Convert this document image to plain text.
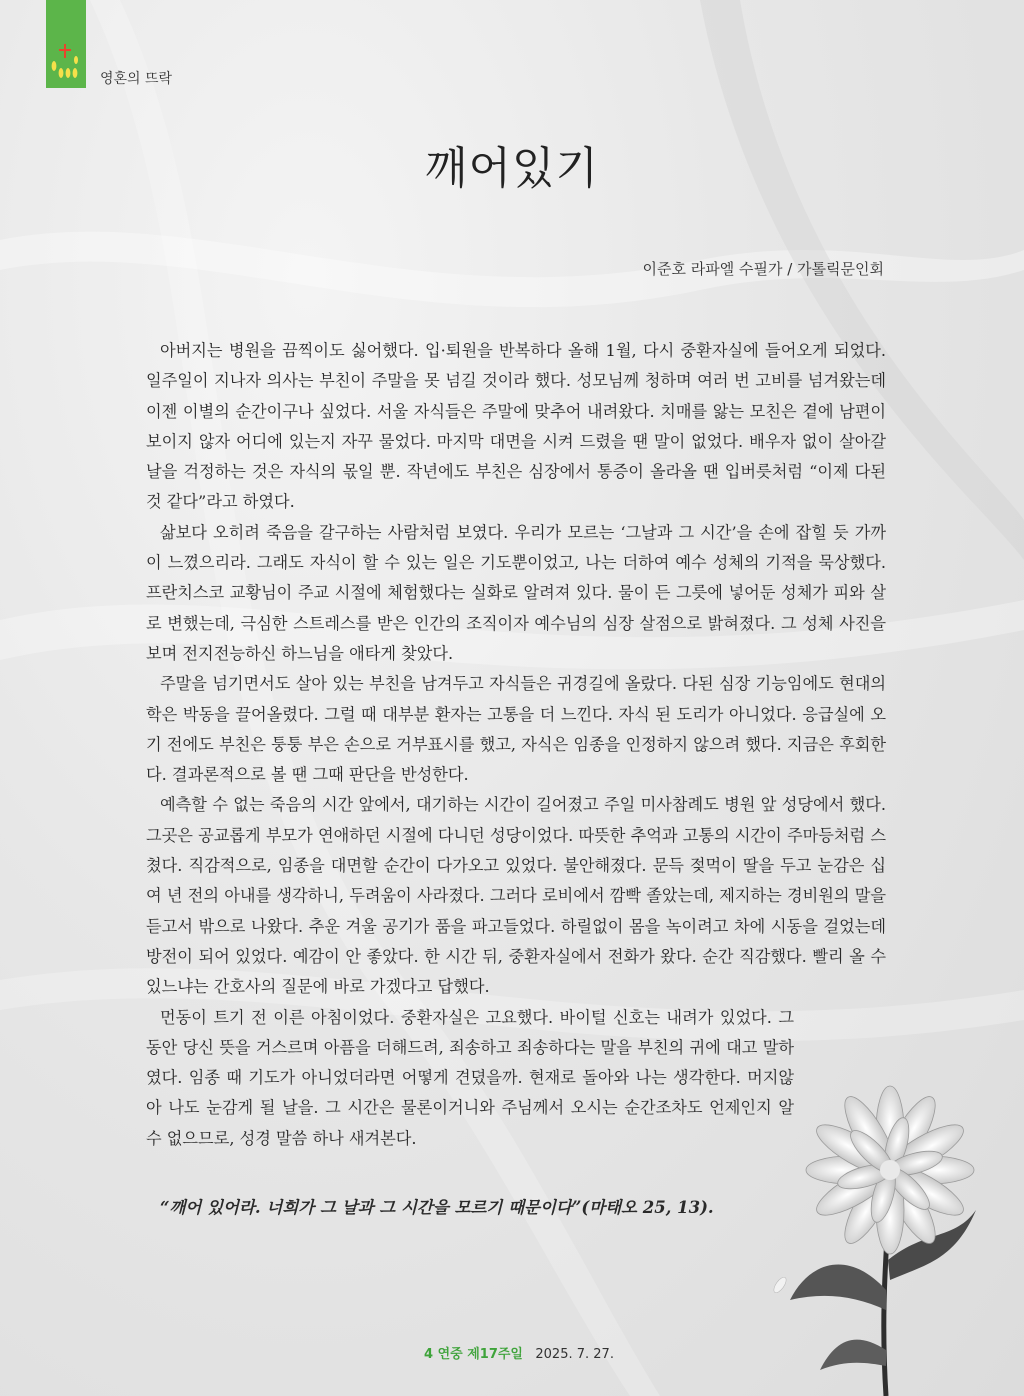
영혼의 뜨락
깨어있기
이준호 라파엘 수필가 / 가톨릭문인회

아버지는 병원을 끔찍이도 싫어했다. 입·퇴원을 반복하다 올해 1월, 다시 중환자실에 들어오게 되었다. 일주일이 지나자 의사는 부친이 주말을 못 넘길 것이라 했다. 성모님께 청하며 여러 번 고비를 넘겨왔는데 이젠 이별의 순간이구나 싶었다. 서울 자식들은 주말에 맞추어 내려왔다. 치매를 앓는 모친은 곁에 남편이 보이지 않자 어디에 있는지 자꾸 물었다. 마지막 대면을 시켜 드렸을 땐 말이 없었다. 배우자 없이 살아갈 날을 걱정하는 것은 자식의 몫일 뿐. 작년에도 부친은 심장에서 통증이 올라올 땐 입버릇처럼 “이제 다된 것 같다”라고 하였다.

삶보다 오히려 죽음을 갈구하는 사람처럼 보였다. 우리가 모르는 ‘그날과 그 시간’을 손에 잡힐 듯 가까이 느꼈으리라. 그래도 자식이 할 수 있는 일은 기도뿐이었고, 나는 더하여 예수 성체의 기적을 묵상했다. 프란치스코 교황님이 주교 시절에 체험했다는 실화로 알려져 있다. 물이 든 그릇에 넣어둔 성체가 피와 살로 변했는데, 극심한 스트레스를 받은 인간의 조직이자 예수님의 심장 살점으로 밝혀졌다. 그 성체 사진을 보며 전지전능하신 하느님을 애타게 찾았다.

주말을 넘기면서도 살아 있는 부친을 남겨두고 자식들은 귀경길에 올랐다. 다된 심장 기능임에도 현대의학은 박동을 끌어올렸다. 그럴 때 대부분 환자는 고통을 더 느낀다. 자식 된 도리가 아니었다. 응급실에 오기 전에도 부친은 퉁퉁 부은 손으로 거부표시를 했고, 자식은 임종을 인정하지 않으려 했다. 지금은 후회한다. 결과론적으로 볼 땐 그때 판단을 반성한다.

예측할 수 없는 죽음의 시간 앞에서, 대기하는 시간이 길어졌고 주일 미사참례도 병원 앞 성당에서 했다. 그곳은 공교롭게 부모가 연애하던 시절에 다니던 성당이었다. 따뜻한 추억과 고통의 시간이 주마등처럼 스쳤다. 직감적으로, 임종을 대면할 순간이 다가오고 있었다. 불안해졌다. 문득 젖먹이 딸을 두고 눈감은 십여 년 전의 아내를 생각하니, 두려움이 사라졌다. 그러다 로비에서 깜빡 졸았는데, 제지하는 경비원의 말을 듣고서 밖으로 나왔다. 추운 겨울 공기가 품을 파고들었다. 하릴없이 몸을 녹이려고 차에 시동을 걸었는데 방전이 되어 있었다. 예감이 안 좋았다. 한 시간 뒤, 중환자실에서 전화가 왔다. 순간 직감했다. 빨리 올 수 있느냐는 간호사의 질문에 바로 가겠다고 답했다.

먼동이 트기 전 이른 아침이었다. 중환자실은 고요했다. 바이털 신호는 내려가 있었다. 그동안 당신 뜻을 거스르며 아픔을 더해드려, 죄송하고 죄송하다는 말을 부친의 귀에 대고 말하였다. 임종 때 기도가 아니었더라면 어떻게 견뎠을까. 현재로 돌아와 나는 생각한다. 머지않아 나도 눈감게 될 날을. 그 시간은 물론이거니와 주님께서 오시는 순간조차도 언제인지 알 수 없으므로, 성경 말씀 하나 새겨본다.

“깨어 있어라. 너희가 그 날과 그 시간을 모르기 때문이다”(마태오 25, 13).
4 연중 제17주일 2025. 7. 27.
